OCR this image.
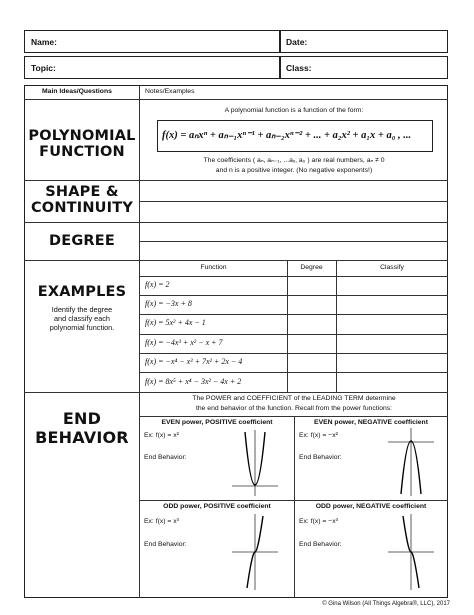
Name:	Date:
Topic:	Class:
Main Ideas/Questions	Notes/Examples
POLYNOMIAL
FUNCTION
A polynomial function is a function of the form:
f(x) = aₙxⁿ + aₙ₋₁xⁿ⁻¹ + aₙ₋₂xⁿ⁻² + ... + a₂x² + a₁x + a₀ , ...
The coefficients ( aₙ, aₙ₋₁, ...aₓ, a₀ ) are real numbers, aₙ ≠ 0
and n is a positive integer. (No negative exponents!)
SHAPE &
CONTINUITY
DEGREE
EXAMPLES
Identify the degree
and classify each
polynomial function.
Function	Degree	Classify
f(x) = 2
f(x) = −3x + 8
f(x) = 5x² + 4x − 1
f(x) = −4x³ + x² − x + 7
f(x) = −x⁴ − x³ + 7x² + 2x − 4
f(x) = 8x⁵ + x⁴ − 3x² − 4x + 2
END
BEHAVIOR
The POWER and COEFFICIENT of the LEADING TERM determine
the end behavior of the function. Recall from the power functions:
EVEN power, POSITIVE coefficient
Ex: f(x) = x²
End Behavior:
EVEN power, NEGATIVE coefficient
Ex: f(x) = −x²
End Behavior:
ODD power, POSITIVE coefficient
Ex: f(x) = x³
End Behavior:
ODD power, NEGATIVE coefficient
Ex: f(x) = −x³
End Behavior:
© Gina Wilson (All Things Algebra®, LLC), 2017
